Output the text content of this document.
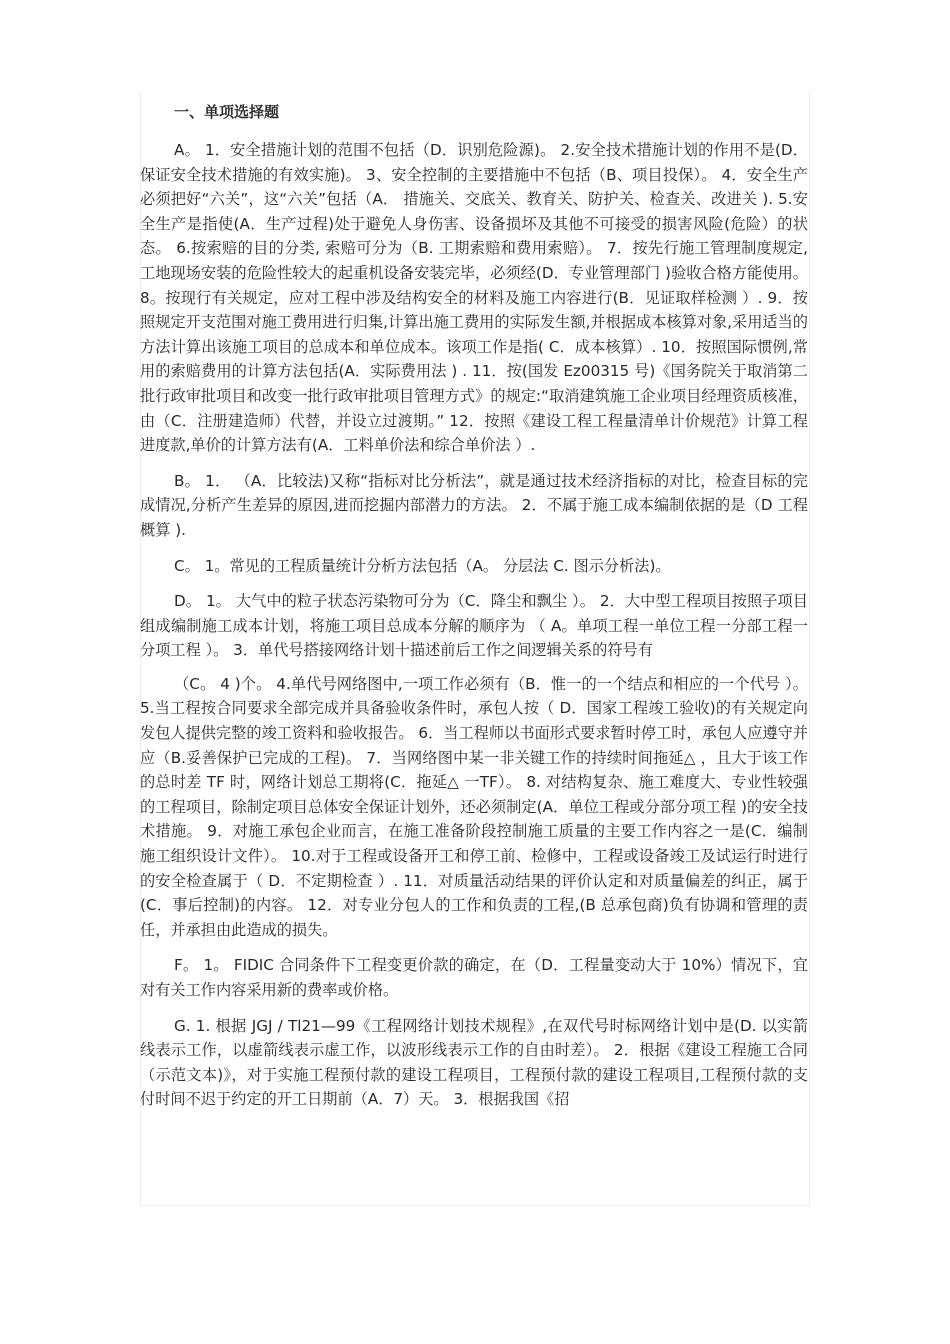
一、单项选择题

A。 1．安全措施计划的范围不包括（D．识别危险源)。 2.安全技术措施计划的作用不是(D．保证安全技术措施的有效实施)。 3、安全控制的主要措施中不包括（B、项目投保）。 4．安全生产必须把好“六关”，这“六关”包括（A． 措施关、交底关、教育关、防护关、检查关、改进关 ). 5.安全生产是指使(A．生产过程)处于避免人身伤害、设备损坏及其他不可接受的损害风险(危险）的状态。 6.按索赔的目的分类, 索赔可分为（B. 工期索赔和费用索赔）。 7．按先行施工管理制度规定,工地现场安装的危险性较大的起重机设备安装完毕，必须经(D．专业管理部门 )验收合格方能使用。 8。按现行有关规定，应对工程中涉及结构安全的材料及施工内容进行(B．见证取样检测 ）. 9．按照规定开支范围对施工费用进行归集,计算出施工费用的实际发生额,并根据成本核算对象,采用适当的方法计算出该施工项目的总成本和单位成本。该项工作是指( C．成本核算）. 10．按照国际惯例,常用的索赔费用的计算方法包括(A．实际费用法 ) . 11．按(国发 Ez00315 号)《国务院关于取消第二批行政审批项目和改变一批行政审批项目管理方式》的规定:“取消建筑施工企业项目经理资质核准，由（C．注册建造师）代替，并设立过渡期。” 12．按照《建设工程工程量清单计价规范》计算工程进度款,单价的计算方法有(A．工料单价法和综合单价法 ）.

B。 1． （A．比较法)又称“指标对比分析法”，就是通过技术经济指标的对比，检查目标的完成情况,分析产生差异的原因,进而挖掘内部潜力的方法。 2．不属于施工成本编制依据的是（D 工程概算 ).

C。 1。常见的工程质量统计分析方法包括（A。 分层法 C. 图示分析法)。

D。 1。 大气中的粒子状态污染物可分为（C．降尘和飘尘 ）。 2．大中型工程项目按照子项目组成编制施工成本计划，将施工项目总成本分解的顺序为 （ A。单项工程一单位工程一分部工程一分项工程 ）。 3．单代号搭接网络计划十描述前后工作之间逻辑关系的符号有

（C。 4 )个。 4.单代号网络图中,一项工作必须有（B．惟一的一个结点和相应的一个代号 ）。 5.当工程按合同要求全部完成并具备验收条件时，承包人按（ D．国家工程竣工验收)的有关规定向发包人提供完整的竣工资料和验收报告。 6．当工程师以书面形式要求暂时停工时，承包人应遵守并应（B.妥善保护已完成的工程)。 7．当网络图中某一非关键工作的持续时间拖延△ ，且大于该工作的总时差 TF 时，网络计划总工期将(C．拖延△ 一TF）。 8. 对结构复杂、施工难度大、专业性较强的工程项目，除制定项目总体安全保证计划外，还必须制定(A．单位工程或分部分项工程 )的安全技术措施。 9．对施工承包企业而言，在施工准备阶段控制施工质量的主要工作内容之一是(C．编制施工组织设计文件）。 10.对于工程或设备开工和停工前、检修中，工程或设备竣工及试运行时进行的安全检查属于（ D．不定期检查 ）. 11．对质量活动结果的评价认定和对质量偏差的纠正，属于(C．事后控制)的内容。 12．对专业分包人的工作和负责的工程,(B 总承包商)负有协调和管理的责任，并承担由此造成的损失。

F。 1。 FIDIC 合同条件下工程变更价款的确定，在（D．工程量变动大于 10%）情况下，宜对有关工作内容采用新的费率或价格。

G. 1. 根据 JGJ / Tl21—99《工程网络计划技术规程》,在双代号时标网络计划中是(D. 以实箭线表示工作，以虚箭线表示虚工作，以波形线表示工作的自由时差）。 2．根据《建设工程施工合同（示范文本)》，对于实施工程预付款的建设工程项目，工程预付款的建设工程项目,工程预付款的支付时间不迟于约定的开工日期前（A．7）天。 3．根据我国《招
